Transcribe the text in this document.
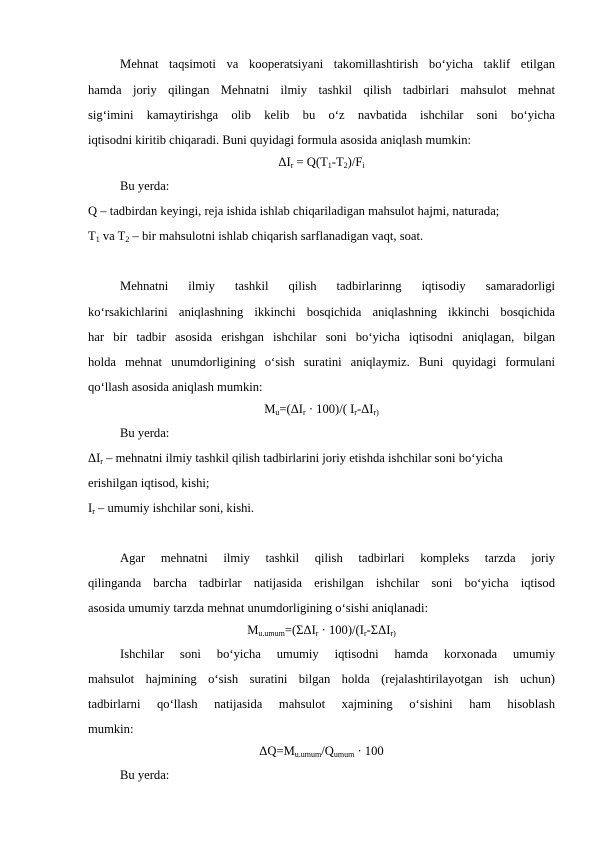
Mehnat taqsimoti va kooperatsiyani takomillashtirish bo‘yicha taklif etilgan
hamda joriy qilingan Mehnatni ilmiy tashkil qilish tadbirlari mahsulot mehnat
sig‘imini kamaytirishga olib kelib bu o‘z navbatida ishchilar soni bo‘yicha
iqtisodni kiritib chiqaradi. Buni quyidagi formula asosida aniqlash mumkin:
$\Delta I_r = Q(T_1-T_2)/F_i$
Bu yerda:
Q – tadbirdan keyingi, reja ishida ishlab chiqariladigan mahsulot hajmi, naturada;
$T_1$ va $T_2$ – bir mahsulotni ishlab chiqarish sarflanadigan vaqt, soat.
Mehnatni ilmiy tashkil qilish tadbirlarinng iqtisodiy samaradorligi
ko‘rsakichlarini aniqlashning ikkinchi bosqichida aniqlashning ikkinchi bosqichida
har bir tadbir asosida erishgan ishchilar soni bo‘yicha iqtisodni aniqlagan, bilgan
holda mehnat unumdorligining o‘sish suratini aniqlaymiz. Buni quyidagi formulani
qo‘llash asosida aniqlash mumkin:
$M_u=(\Delta I_r \cdot 100)/$( $I_r-\Delta I_{r)}$
Bu yerda:
$\Delta I_r$ – mehnatni ilmiy tashkil qilish tadbirlarini joriy etishda ishchilar soni bo‘yicha
erishilgan iqtisod, kishi;
$I_r$ – umumiy ishchilar soni, kishi.
Agar mehnatni ilmiy tashkil qilish tadbirlari kompleks tarzda joriy
qilinganda barcha tadbirlar natijasida erishilgan ishchilar soni bo‘yicha iqtisod
asosida umumiy tarzda mehnat unumdorligining o‘sishi aniqlanadi:
$M_{u.umum}=(\Sigma\Delta I_r \cdot 100)/(I_r-\Sigma\Delta I_{r)}$
Ishchilar soni bo‘yicha umumiy iqtisodni hamda korxonada umumiy
mahsulot hajmining o‘sish suratini bilgan holda (rejalashtirilayotgan ish uchun)
tadbirlarni qo‘llash natijasida mahsulot xajmining o‘sishini ham hisoblash
mumkin:
$\Delta Q=M_{u.umum}/Q_{umum} \cdot 100$
Bu yerda:
